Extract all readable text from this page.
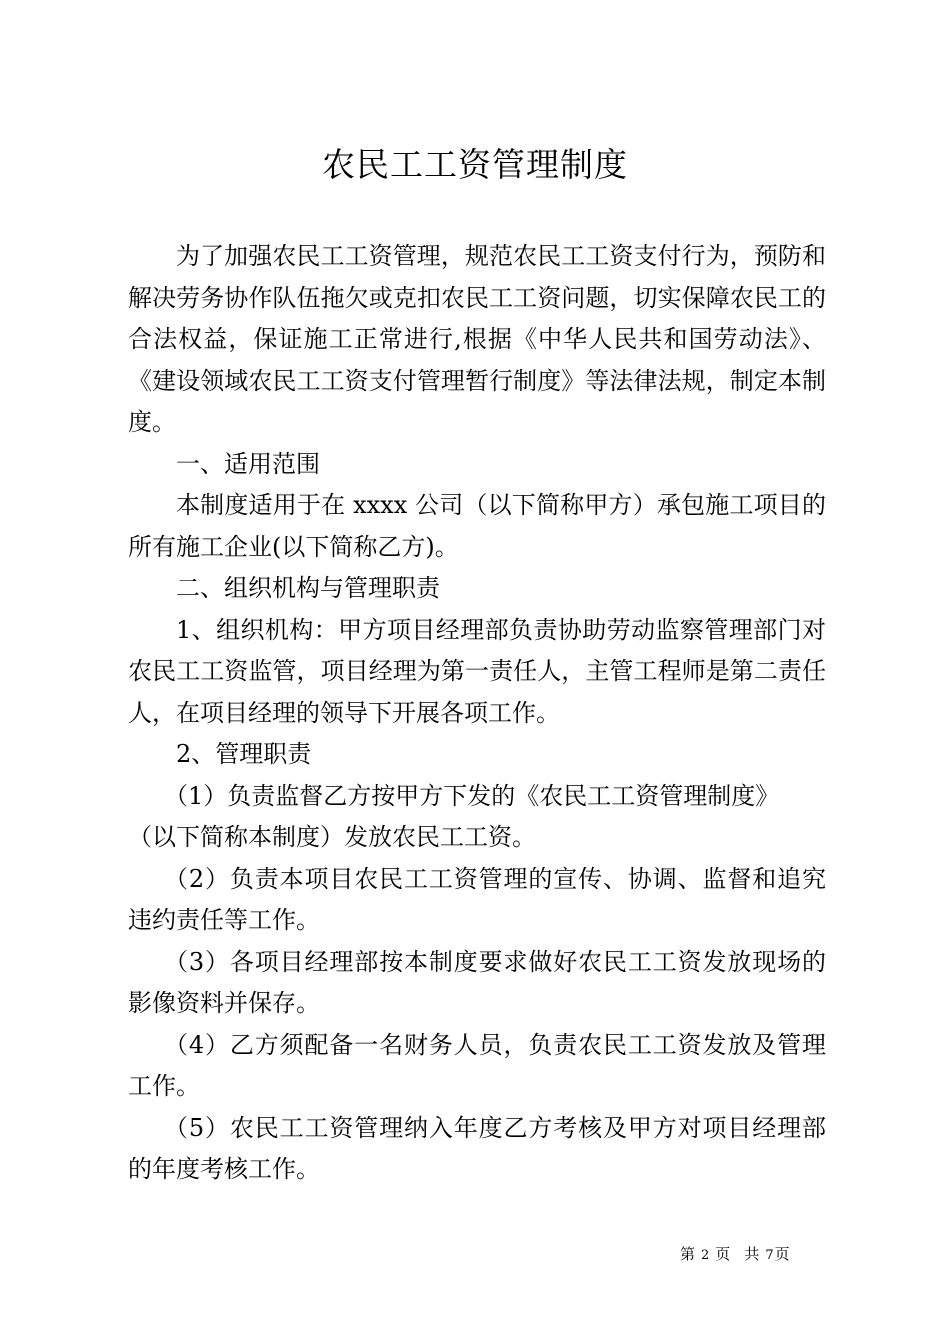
农民工工资管理制度

为了加强农民工工资管理，规范农民工工资支付行为，预防和解决劳务协作队伍拖欠或克扣农民工工资问题，切实保障农民工的合法权益，保证施工正常进行,根据《中华人民共和国劳动法》、《建设领域农民工工资支付管理暂行制度》等法律法规，制定本制度。

一、适用范围

本制度适用于在 xxxx 公司（以下简称甲方）承包施工项目的所有施工企业(以下简称乙方)。

二、组织机构与管理职责

1、组织机构：甲方项目经理部负责协助劳动监察管理部门对农民工工资监管，项目经理为第一责任人，主管工程师是第二责任人，在项目经理的领导下开展各项工作。

2、管理职责

（1）负责监督乙方按甲方下发的《农民工工资管理制度》

（以下简称本制度）发放农民工工资。

（2）负责本项目农民工工资管理的宣传、协调、监督和追究违约责任等工作。

（3）各项目经理部按本制度要求做好农民工工资发放现场的影像资料并保存。

（4）乙方须配备一名财务人员，负责农民工工资发放及管理工作。

（5）农民工工资管理纳入年度乙方考核及甲方对项目经理部的年度考核工作。

第 2 页 共 7页
